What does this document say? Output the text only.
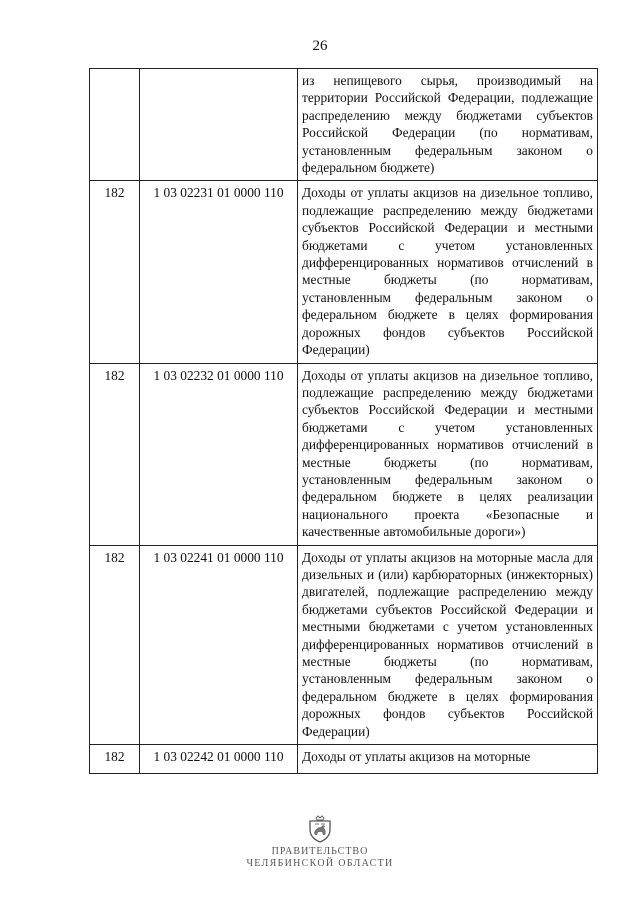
26
		из непищевого сырья, производимый на территории Российской Федерации, подлежащие распределению между бюджетами субъектов Российской Федерации (по нормативам, установленным федеральным законом о федеральном бюджете)
182	1 03 02231 01 0000 110	Доходы от уплаты акцизов на дизельное топливо, подлежащие распределению между бюджетами субъектов Российской Федерации и местными бюджетами с учетом установленных дифференцированных нормативов отчислений в местные бюджеты (по нормативам, установленным федеральным законом о федеральном бюджете в целях формирования дорожных фондов субъектов Российской Федерации)
182	1 03 02232 01 0000 110	Доходы от уплаты акцизов на дизельное топливо, подлежащие распределению между бюджетами субъектов Российской Федерации и местными бюджетами с учетом установленных дифференцированных нормативов отчислений в местные бюджеты (по нормативам, установленным федеральным законом о федеральном бюджете в целях реализации национального проекта «Безопасные и качественные автомобильные дороги»)
182	1 03 02241 01 0000 110	Доходы от уплаты акцизов на моторные масла для дизельных и (или) карбюраторных (инжекторных) двигателей, подлежащие распределению между бюджетами субъектов Российской Федерации и местными бюджетами с учетом установленных дифференцированных нормативов отчислений в местные бюджеты (по нормативам, установленным федеральным законом о федеральном бюджете в целях формирования дорожных фондов субъектов Российской Федерации)
182	1 03 02242 01 0000 110	Доходы от уплаты акцизов на моторные
ПРАВИТЕЛЬСТВО
ЧЕЛЯБИНСКОЙ ОБЛАСТИ
